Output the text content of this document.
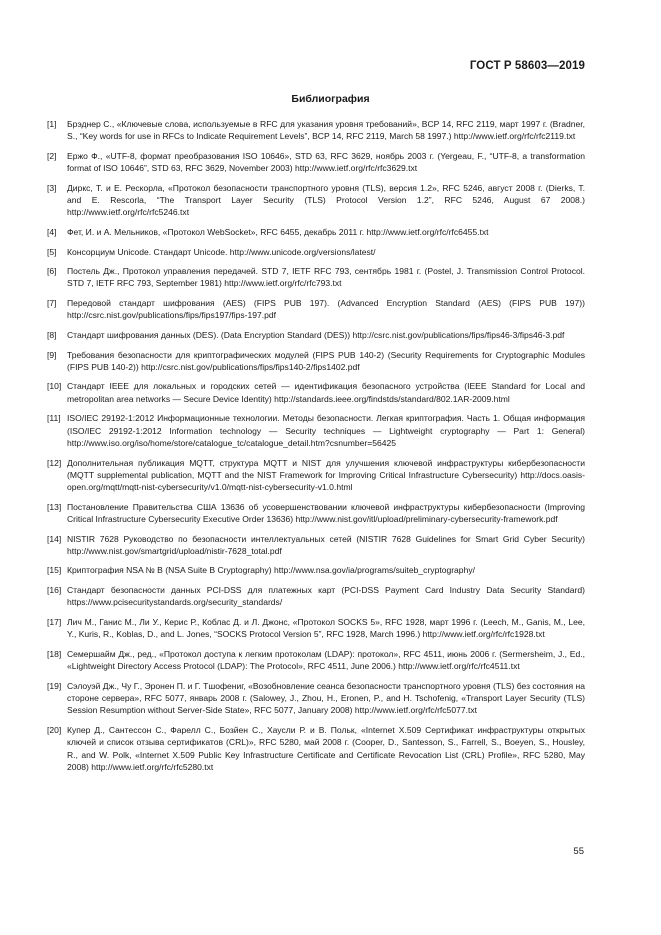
ГОСТ Р 58603—2019
Библиография
[1]	Брэднер С., «Ключевые слова, используемые в RFC для указания уровня требований», BCP 14, RFC 2119, март 1997 г. (Bradner, S., “Key words for use in RFCs to Indicate Requirement Levels”, BCP 14, RFC 2119, March 58 1997.) http://www.ietf.org/rfc/rfc2119.txt
[2]	Ержо Ф., «UTF-8, формат преобразования ISO 10646», STD 63, RFC 3629, ноябрь 2003 г. (Yergeau, F., “UTF-8, a transformation format of ISO 10646”, STD 63, RFC 3629, November 2003) http://www.ietf.org/rfc/rfc3629.txt
[3]	Диркс, Т. и Е. Рескорла, «Протокол безопасности транспортного уровня (TLS), версия 1.2», RFC 5246, август 2008 г. (Dierks, T. and E. Rescorla, “The Transport Layer Security (TLS) Protocol Version 1.2”, RFC 5246, August 67 2008.) http://www.ietf.org/rfc/rfc5246.txt
[4]	Фет, И. и А. Мельников, «Протокол WebSocket», RFC 6455, декабрь 2011 г. http://www.ietf.org/rfc/rfc6455.txt
[5]	Консорциум Unicode. Стандарт Unicode. http://www.unicode.org/versions/latest/
[6]	Постель Дж., Протокол управления передачей. STD 7, IETF RFC 793, сентябрь 1981 г. (Postel, J. Transmission Control Protocol. STD 7, IETF RFC 793, September 1981) http://www.ietf.org/rfc/rfc793.txt
[7]	Передовой стандарт шифрования (AES) (FIPS PUB 197). (Advanced Encryption Standard (AES) (FIPS PUB 197)) http://csrc.nist.gov/publications/fips/fips197/fips-197.pdf
[8]	Стандарт шифрования данных (DES). (Data Encryption Standard (DES)) http://csrc.nist.gov/publications/fips/fips46-3/fips46-3.pdf
[9]	Требования безопасности для криптографических модулей (FIPS PUB 140-2) (Security Requirements for Cryptographic Modules (FIPS PUB 140-2)) http://csrc.nist.gov/publications/fips/fips140-2/fips1402.pdf
[10] Стандарт IEEE для локальных и городских сетей — идентификация безопасного устройства (IEEE Standard for Local and metropolitan area networks — Secure Device Identity) http://standards.ieee.org/findstds/standard/802.1AR-2009.html
[11] ISO/IEC 29192-1:2012 Информационные технологии. Методы безопасности. Легкая криптография. Часть 1. Общая информация (ISO/IEC 29192-1:2012 Information technology — Security techniques — Lightweight cryptography — Part 1: General) http://www.iso.org/iso/home/store/catalogue_tc/catalogue_detail.htm?csnumber=56425
[12] Дополнительная публикация MQTT, структура MQTT и NIST для улучшения ключевой инфраструктуры кибербезопасности (MQTT supplemental publication, MQTT and the NIST Framework for Improving Critical Infrastructure Cybersecurity) http://docs.oasis-open.org/mqtt/mqtt-nist-cybersecurity/v1.0/mqtt-nist-cybersecurity-v1.0.html
[13] Постановление Правительства США 13636 об усовершенствовании ключевой инфраструктуры кибербезопасности (Improving Critical Infrastructure Cybersecurity Executive Order 13636) http://www.nist.gov/itl/upload/preliminary-cybersecurity-framework.pdf
[14] NISTIR 7628 Руководство по безопасности интеллектуальных сетей (NISTIR 7628 Guidelines for Smart Grid Cyber Security) http://www.nist.gov/smartgrid/upload/nistir-7628_total.pdf
[15] Криптография NSA № B (NSA Suite B Cryptography) http://www.nsa.gov/ia/programs/suiteb_cryptography/
[16] Стандарт безопасности данных PCI-DSS для платежных карт (PCI-DSS Payment Card Industry Data Security Standard) https://www.pcisecuritystandards.org/security_standards/
[17] Лич М., Ганис М., Ли У., Керис Р., Коблас Д. и Л. Джонс, «Протокол SOCKS 5», RFC 1928, март 1996 г. (Leech, M., Ganis, M., Lee, Y., Kuris, R., Koblas, D., and L. Jones, “SOCKS Protocol Version 5”, RFC 1928, March 1996.) http://www.ietf.org/rfc/rfc1928.txt
[18] Семершайм Дж., ред., «Протокол доступа к легким протоколам (LDAP): протокол», RFC 4511, июнь 2006 г. (Sermersheim, J., Ed., «Lightweight Directory Access Protocol (LDAP): The Protocol», RFC 4511, June 2006.) http://www.ietf.org/rfc/rfc4511.txt
[19] Сэлоуэй Дж., Чу Г., Эронен П. и Г. Тшофениг, «Возобновление сеанса безопасности транспортного уровня (TLS) без состояния на стороне сервера», RFC 5077, январь 2008 г. (Salowey, J., Zhou, H., Eronen, P., and H. Tschofenig, «Transport Layer Security (TLS) Session Resumption without Server-Side State», RFC 5077, January 2008) http://www.ietf.org/rfc/rfc5077.txt
[20] Купер Д., Сантессон С., Фарелл С., Бозйен С., Хаусли Р. и В. Польк, «Internet X.509 Сертификат инфраструктуры открытых ключей и список отзыва сертификатов (CRL)», RFC 5280, май 2008 г. (Cooper, D., Santesson, S., Farrell, S., Boeyen, S., Housley, R., and W. Polk, «Internet X.509 Public Key Infrastructure Certificate and Certificate Revocation List (CRL) Profile», RFC 5280, May 2008) http://www.ietf.org/rfc/rfc5280.txt
55
